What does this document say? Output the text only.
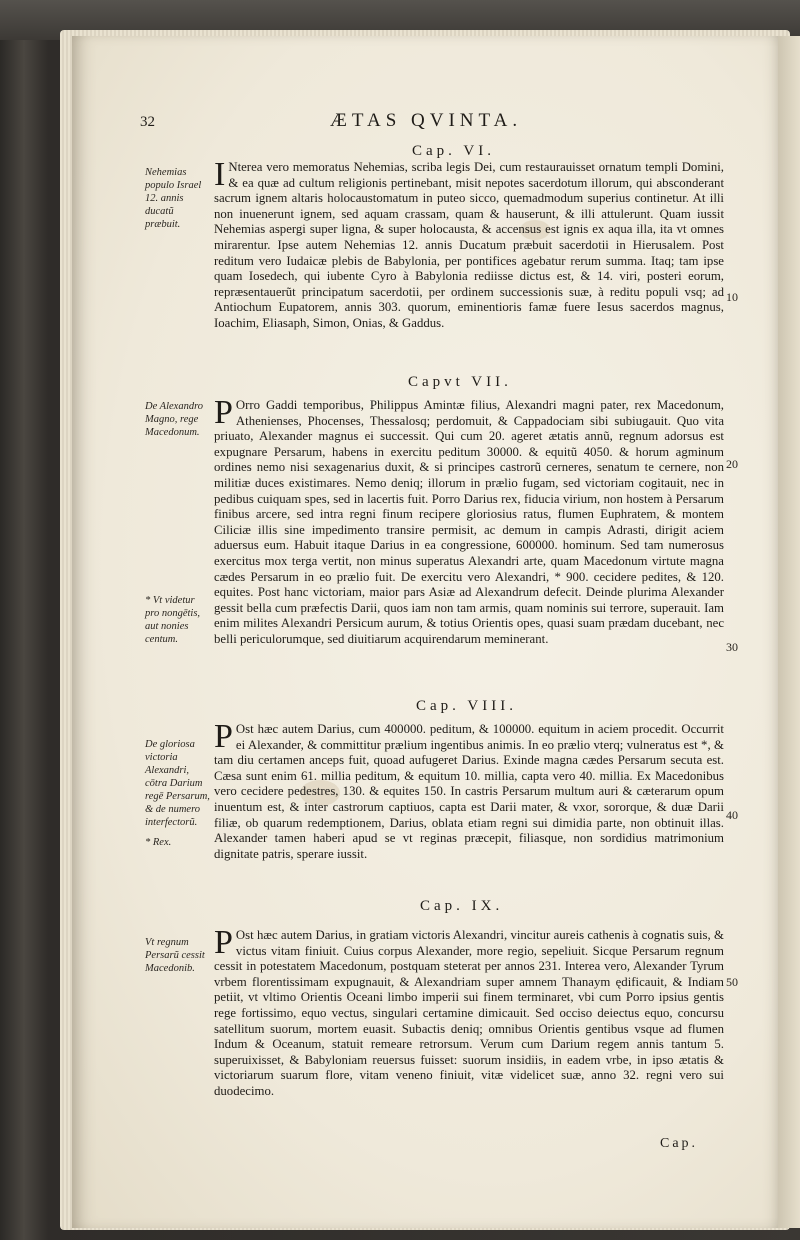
32	ÆTAS QVINTA.
Cap. VI.
Nehemias populo Israel 12. annis ducatũ præbuit.
I Nterea vero memoratus Nehemias, scriba legis Dei, cum restaurauisset ornatum templi Domini, & ea quæ ad cultum religionis pertinebant, misit nepotes sacerdotum illorum, qui absconderant sacrum ignem altaris holocaustomatum in puteo sicco, quemadmodum superius continetur. At illi non inuenerunt ignem, sed aquam crassam, quam & hauserunt, & illi attulerunt. Quam iussit Nehemias aspergi super ligna, & super holocausta, & accensus est ignis ex aqua illa, ita vt omnes mirarentur. Ipse autem Nehemias 12. annis Ducatum præbuit sacerdotii in Hierusalem. Post reditum vero Iudaicæ plebis de Babylonia, per pontifices agebatur rerum summa. Itaq; tam ipse quam Iosedech, qui iubente Cyro à Babylonia rediisse dictus est, & 14. viri, posteri eorum, repræsentauerũt principatum sacerdotii, per ordinem successionis suæ, à reditu populi vsq; ad Antiochum Eupatorem, annis 303. quorum, eminentioris famæ fuere Iesus sacerdos magnus, Ioachim, Eliasaph, Simon, Onias, & Gaddus.
Capvt VII.
De Alexandro Magno, rege Macedonum.
* Vt videtur pro nongētis, aut nonies centum.
P Orro Gaddi temporibus, Philippus Amintæ filius, Alexandri magni pater, rex Macedonum, Athenienses, Phocenses, Thessalosq; perdomuit, & Cappadociam sibi subiugauit. Quo vita priuato, Alexander magnus ei successit. Qui cum 20. ageret ætatis annũ, regnum adorsus est expugnare Persarum, habens in exercitu peditum 30000. & equitũ 4050. & horum agminum ordines nemo nisi sexagenarius duxit, & si principes castrorũ cerneres, senatum te cernere, non militiæ duces existimares. Nemo deniq; illorum in prælio fugam, sed victoriam cogitauit, nec in pedibus cuiquam spes, sed in lacertis fuit. Porro Darius rex, fiducia virium, non hostem à Persarum finibus arcere, sed intra regni finum recipere gloriosius ratus, flumen Euphratem, & montem Ciliciæ illis sine impedimento transire permisit, ac demum in campis Adrasti, dirigit aciem aduersus eum. Habuit itaque Darius in ea congressione, 600000. hominum. Sed tam numerosus exercitus mox terga vertit, non minus superatus Alexandri arte, quam Macedonum virtute magna cædes Persarum in eo prælio fuit. De exercitu vero Alexandri, * 900. cecidere pedites, & 120. equites. Post hanc victoriam, maior pars Asiæ ad Alexandrum defecit. Deinde plurima Alexander gessit bella cum præfectis Darii, quos iam non tam armis, quam nominis sui terrore, superauit. Iam enim milites Alexandri Persicum aurum, & totius Orientis opes, quasi suam prædam ducebant, nec belli periculorumque, sed diuitiarum acquirendarum meminerant.
Cap. VIII.
De gloriosa victoria Alexandri, cōtra Darium regē Persarum, & de numero interfectorũ.
* Rex.
P Ost hæc autem Darius, cum 400000. peditum, & 100000. equitum in aciem procedit. Occurrit ei Alexander, & committitur prælium ingentibus animis. In eo prælio vterq; vulneratus est *, & tam diu certamen anceps fuit, quoad aufugeret Darius. Exinde magna cædes Persarum secuta est. Cæsa sunt enim 61. millia peditum, & equitum 10. millia, capta vero 40. millia. Ex Macedonibus vero cecidere pedestres, 130. & equites 150. In castris Persarum multum auri & cæterarum opum inuentum est, & inter castrorum captiuos, capta est Darii mater, & vxor, sororque, & duæ Darii filiæ, ob quarum redemptionem, Darius, oblata etiam regni sui dimidia parte, non obtinuit illas. Alexander tamen haberi apud se vt reginas præcepit, filiasque, non sordidius matrimonium dignitate patris, sperare iussit.
Cap. IX.
Vt regnum Persarũ cessit Macedonib.
P Ost hæc autem Darius, in gratiam victoris Alexandri, vincitur aureis cathenis à cognatis suis, & victus vitam finiuit. Cuius corpus Alexander, more regio, sepeliuit. Sicque Persarum regnum cessit in potestatem Macedonum, postquam steterat per annos 231. Interea vero, Alexander Tyrum vrbem florentissimam expugnauit, & Alexandriam super amnem Thanaym ędificauit, & Indiam petiit, vt vltimo Orientis Oceani limbo imperii sui finem terminaret, vbi cum Porro ipsius gentis rege fortissimo, equo vectus, singulari certamine dimicauit. Sed occiso deiectus equo, concursu satellitum suorum, mortem euasit. Subactis deniq; omnibus Orientis gentibus vsque ad flumen Indum & Oceanum, statuit remeare retrorsum. Verum cum Darium regem annis tantum 5. superuixisset, & Babyloniam reuersus fuisset: suorum insidiis, in eadem vrbe, in ipso ætatis & victoriarum suarum flore, vitam veneno finiuit, vitæ videlicet suæ, anno 32. regni vero sui duodecimo.
10
20
30
40
50
Cap.
